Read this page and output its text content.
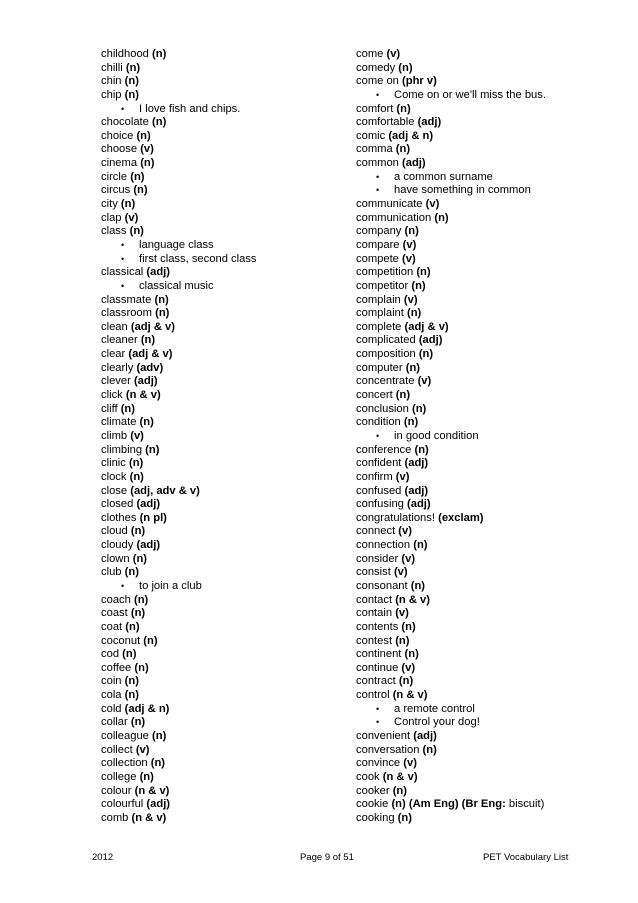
childhood (n)
chilli (n)
chin (n)
chip (n)
• I love fish and chips.
chocolate (n)
choice (n)
choose (v)
cinema (n)
circle (n)
circus (n)
city (n)
clap (v)
class (n)
• language class
• first class, second class
classical (adj)
• classical music
classmate (n)
classroom (n)
clean (adj & v)
cleaner (n)
clear (adj & v)
clearly (adv)
clever (adj)
click (n & v)
cliff (n)
climate (n)
climb (v)
climbing (n)
clinic (n)
clock (n)
close (adj, adv & v)
closed (adj)
clothes (n pl)
cloud (n)
cloudy (adj)
clown (n)
club (n)
• to join a club
coach (n)
coast (n)
coat (n)
coconut (n)
cod (n)
coffee (n)
coin (n)
cola (n)
cold (adj & n)
collar (n)
colleague (n)
collect (v)
collection (n)
college (n)
colour (n & v)
colourful (adj)
comb (n & v)
come (v)
comedy (n)
come on (phr v)
• Come on or we'll miss the bus.
comfort (n)
comfortable (adj)
comic (adj & n)
comma (n)
common (adj)
• a common surname
• have something in common
communicate (v)
communication (n)
company (n)
compare (v)
compete (v)
competition (n)
competitor (n)
complain (v)
complaint (n)
complete (adj & v)
complicated (adj)
composition (n)
computer (n)
concentrate (v)
concert (n)
conclusion (n)
condition (n)
• in good condition
conference (n)
confident (adj)
confirm (v)
confused (adj)
confusing (adj)
congratulations! (exclam)
connect (v)
connection (n)
consider (v)
consist (v)
consonant (n)
contact (n & v)
contain (v)
contents (n)
contest (n)
continent (n)
continue (v)
contract (n)
control (n & v)
• a remote control
• Control your dog!
convenient (adj)
conversation (n)
convince (v)
cook (n & v)
cooker (n)
cookie (n) (Am Eng) (Br Eng: biscuit)
cooking (n)
2012	Page 9 of 51	PET Vocabulary List
